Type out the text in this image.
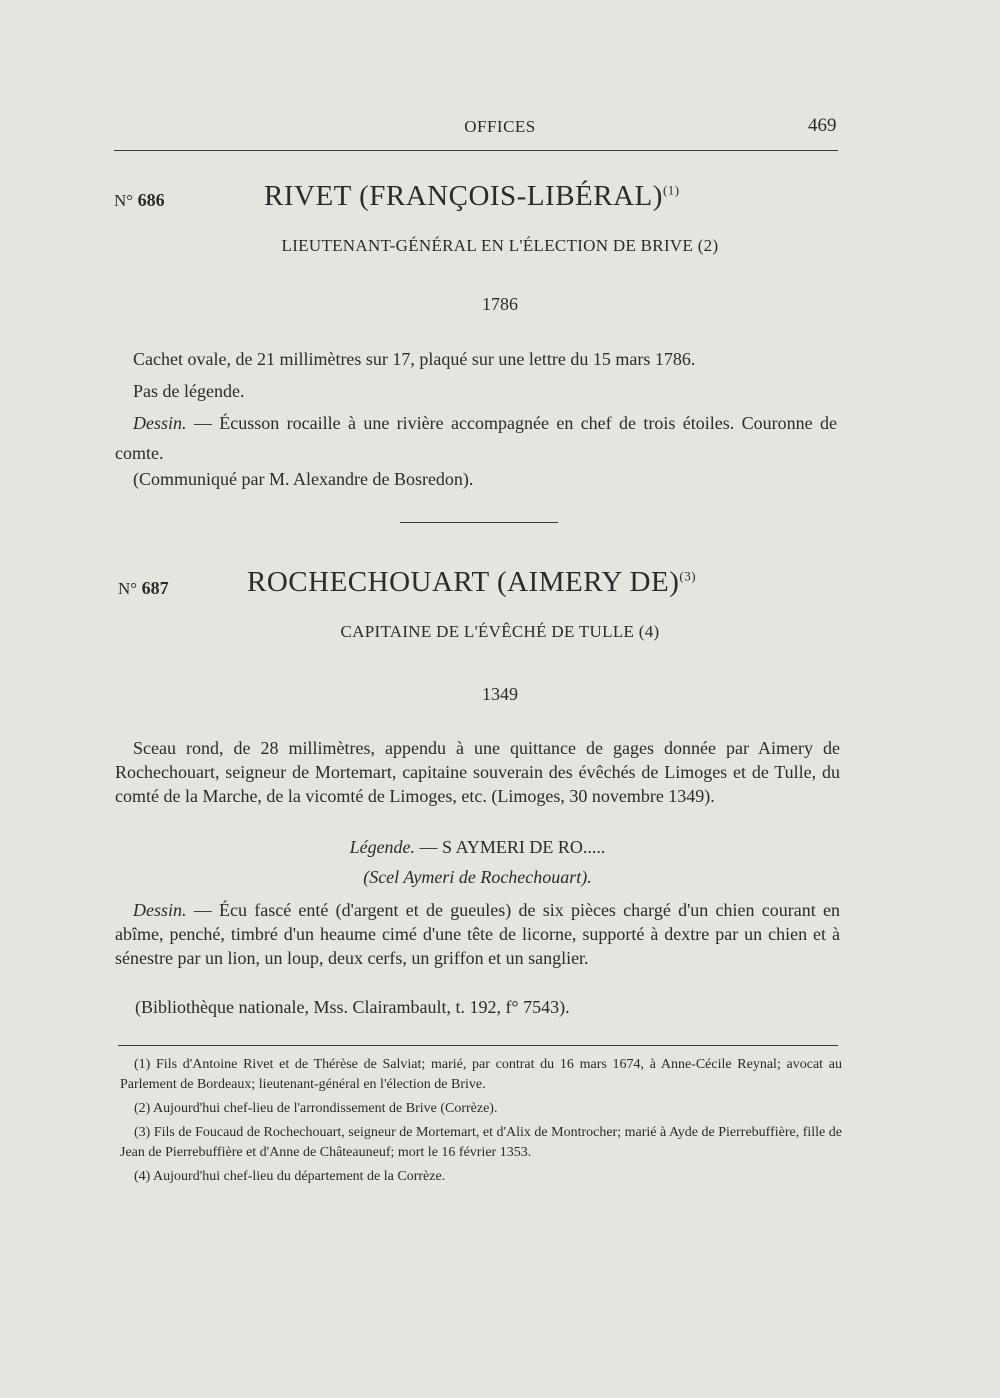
OFFICES	469
N° 686	RIVET (FRANÇOIS-LIBÉRAL)$^{(1)}$
LIEUTENANT-GÉNÉRAL EN L'ÉLECTION DE BRIVE (2)
1786
Cachet ovale, de 21 millimètres sur 17, plaqué sur une lettre du 15 mars 1786.
Pas de légende.
Dessin. — Écusson rocaille à une rivière accompagnée en chef de trois étoiles. Couronne de comte.
(Communiqué par M. Alexandre de Bosredon).
N° 687	ROCHECHOUART (AIMERY DE)$^{(3)}$
CAPITAINE DE L'ÉVÊCHÉ DE TULLE (4)
1349
Sceau rond, de 28 millimètres, appendu à une quittance de gages donnée par Aimery de Rochechouart, seigneur de Mortemart, capitaine souverain des évêchés de Limoges et de Tulle, du comté de la Marche, de la vicomté de Limoges, etc. (Limoges, 30 novembre 1349).
Légende. — S AYMERI DE RO.....
(Scel Aymeri de Rochechouart).
Dessin. — Écu fascé enté (d'argent et de gueules) de six pièces chargé d'un chien courant en abîme, penché, timbré d'un heaume cimé d'une tête de licorne, supporté à dextre par un chien et à sénestre par un lion, un loup, deux cerfs, un griffon et un sanglier.
(Bibliothèque nationale, Mss. Clairambault, t. 192, f° 7543).

(1) Fils d'Antoine Rivet et de Thérèse de Salviat; marié, par contrat du 16 mars 1674, à Anne-Cécile Reynal; avocat au Parlement de Bordeaux; lieutenant-général en l'élection de Brive.

(2) Aujourd'hui chef-lieu de l'arrondissement de Brive (Corrèze).

(3) Fils de Foucaud de Rochechouart, seigneur de Mortemart, et d'Alix de Montrocher; marié à Ayde de Pierrebuffière, fille de Jean de Pierrebuffière et d'Anne de Châteauneuf; mort le 16 février 1353.

(4) Aujourd'hui chef-lieu du département de la Corrèze.
